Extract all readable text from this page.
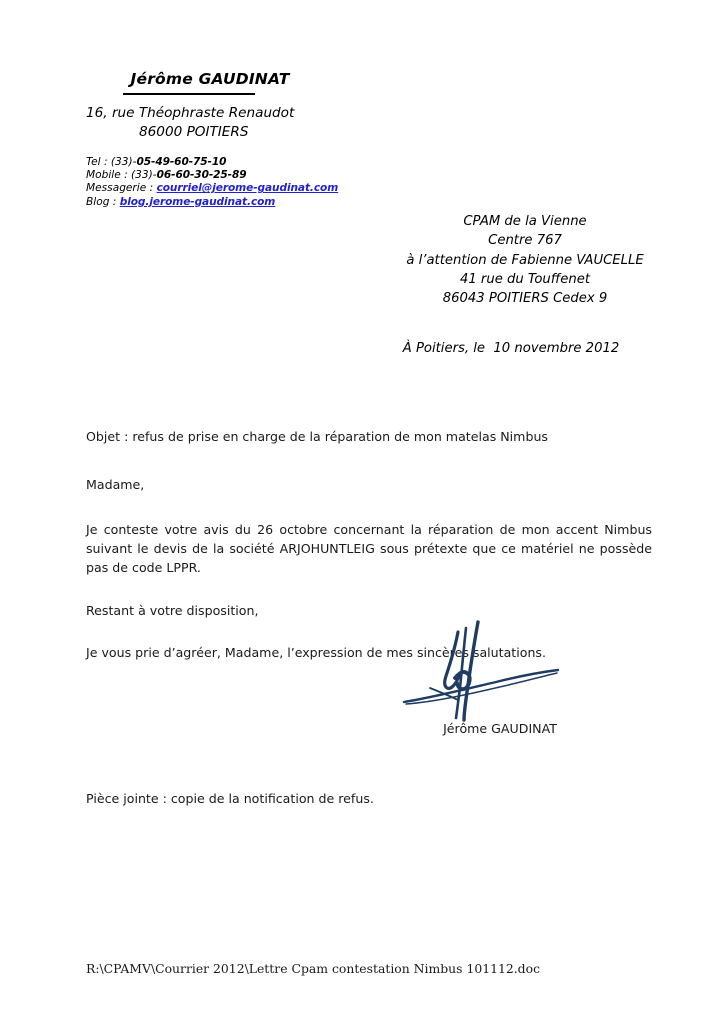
Jérôme GAUDINAT
16, rue Théophraste Renaudot
86000 POITIERS
Tel : (33)-05-49-60-75-10
Mobile : (33)-06-60-30-25-89
Messagerie : courriel@jerome-gaudinat.com
Blog : blog.jerome-gaudinat.com
CPAM de la Vienne
Centre 767
à l’attention de Fabienne VAUCELLE
41 rue du Touffenet
86043 POITIERS Cedex 9
À Poitiers, le  10 novembre 2012

Objet : refus de prise en charge de la réparation de mon matelas Nimbus

Madame,

Je conteste votre avis du 26 octobre concernant la réparation de mon accent Nimbus suivant le devis de la société ARJOHUNTLEIG sous prétexte que ce matériel ne possède pas de code LPPR.

Restant à votre disposition,

Je vous prie d’agréer, Madame, l’expression de mes sincères salutations.

Jérôme GAUDINAT
Pièce jointe : copie de la notification de refus.
R:\CPAMV\Courrier 2012\Lettre Cpam contestation Nimbus 101112.doc
